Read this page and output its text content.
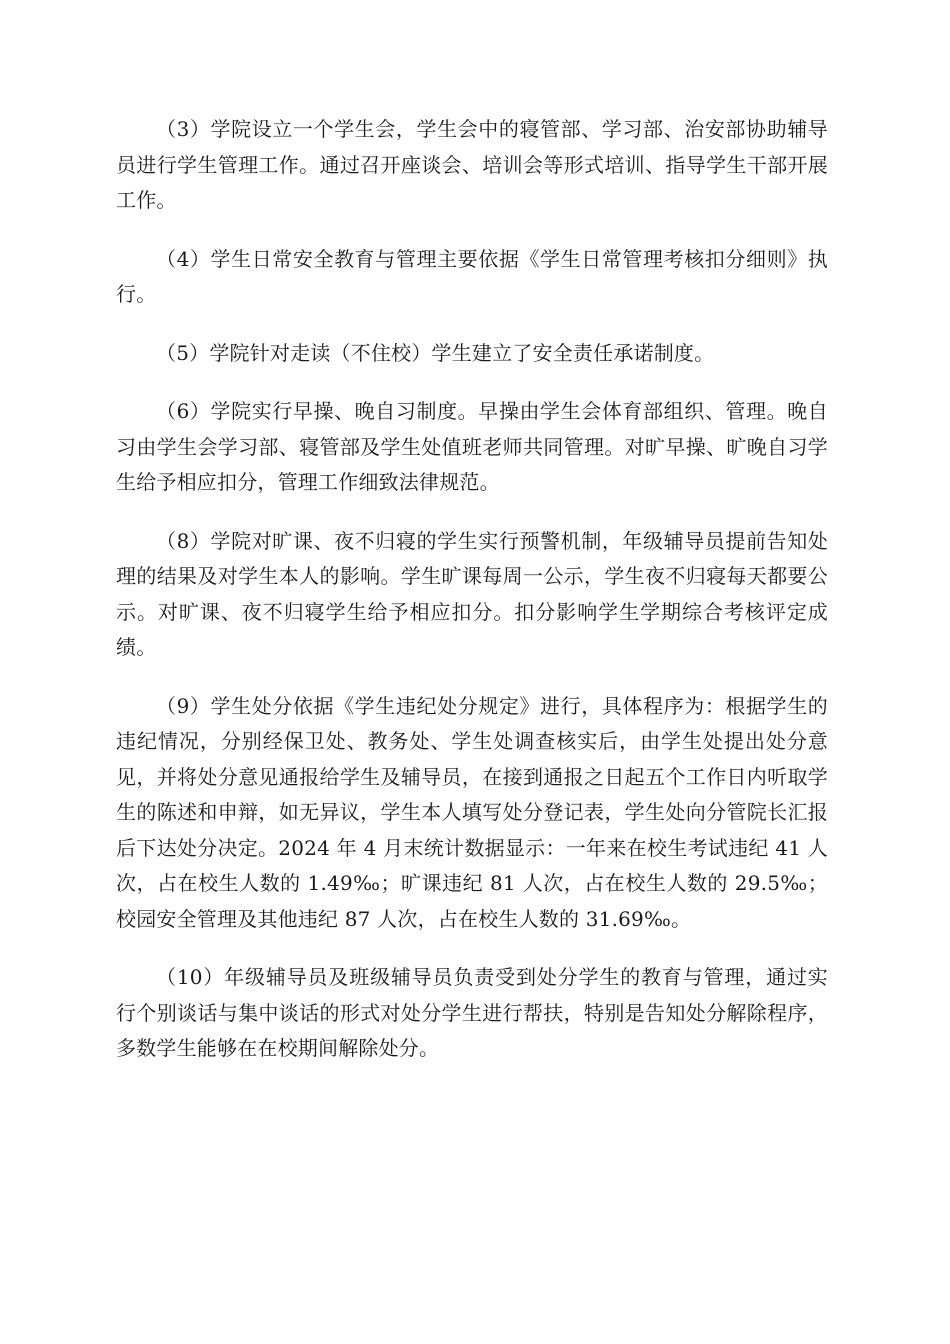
（3）学院设立一个学生会，学生会中的寝管部、学习部、治安部协助辅导员进行学生管理工作。通过召开座谈会、培训会等形式培训、指导学生干部开展工作。

（4）学生日常安全教育与管理主要依据《学生日常管理考核扣分细则》执行。

（5）学院针对走读（不住校）学生建立了安全责任承诺制度。

（6）学院实行早操、晚自习制度。早操由学生会体育部组织、管理。晚自习由学生会学习部、寝管部及学生处值班老师共同管理。对旷早操、旷晚自习学生给予相应扣分，管理工作细致法律规范。

（8）学院对旷课、夜不归寝的学生实行预警机制，年级辅导员提前告知处理的结果及对学生本人的影响。学生旷课每周一公示，学生夜不归寝每天都要公示。对旷课、夜不归寝学生给予相应扣分。扣分影响学生学期综合考核评定成绩。

（9）学生处分依据《学生违纪处分规定》进行，具体程序为：根据学生的违纪情况，分别经保卫处、教务处、学生处调查核实后，由学生处提出处分意见，并将处分意见通报给学生及辅导员，在接到通报之日起五个工作日内听取学生的陈述和申辩，如无异议，学生本人填写处分登记表，学生处向分管院长汇报后下达处分决定。2024 年 4 月末统计数据显示：一年来在校生考试违纪 41 人次，占在校生人数的 1.49‰；旷课违纪 81 人次，占在校生人数的 29.5‰；校园安全管理及其他违纪 87 人次，占在校生人数的 31.69‰。

（10）年级辅导员及班级辅导员负责受到处分学生的教育与管理，通过实行个别谈话与集中谈话的形式对处分学生进行帮扶，特别是告知处分解除程序，多数学生能够在在校期间解除处分。
